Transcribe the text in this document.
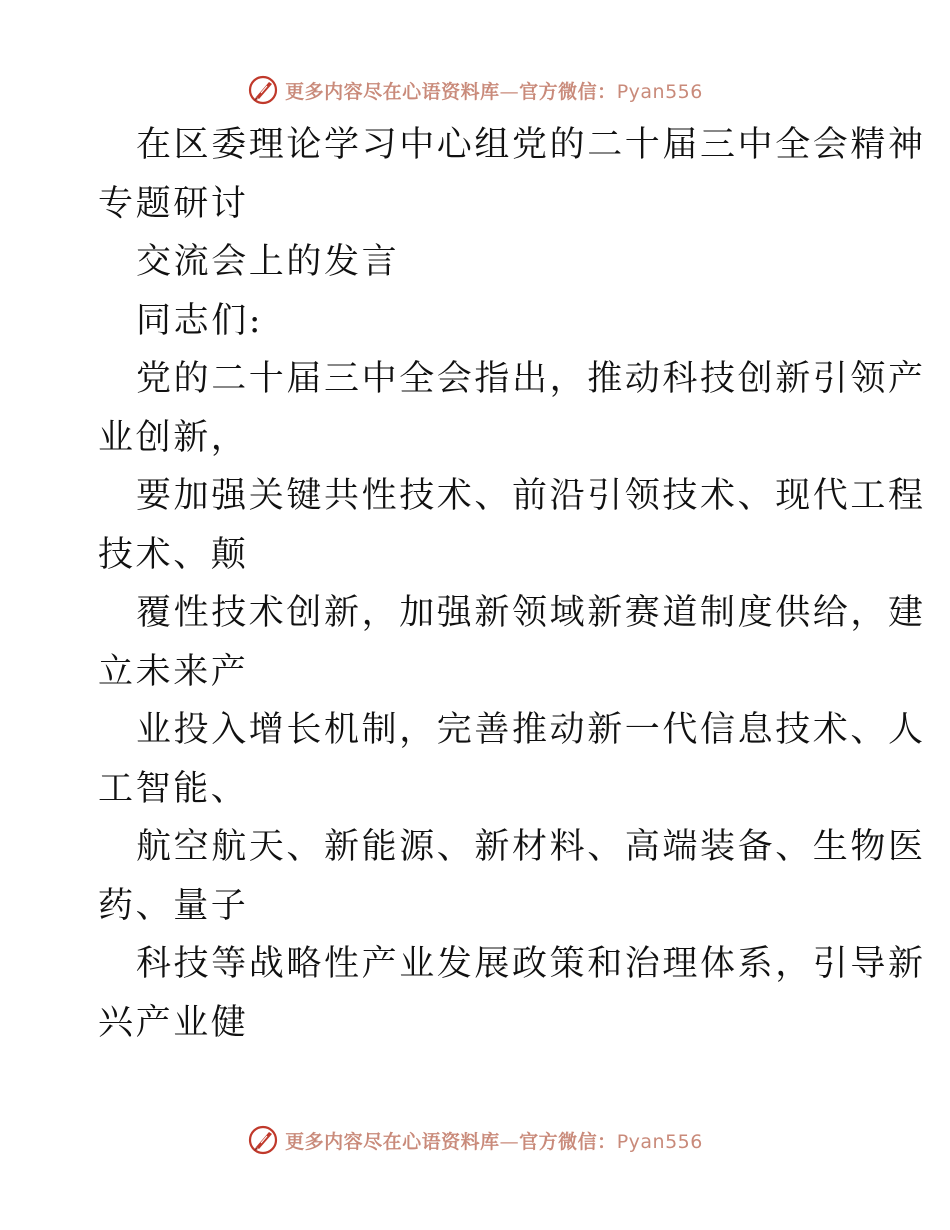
更多内容尽在心语资料库—官方微信：Pyan556

在区委理论学习中心组党的二十届三中全会精神

专题研讨

交流会上的发言

同志们:

党的二十届三中全会指出，推动科技创新引领产

业创新，

要加强关键共性技术、前沿引领技术、现代工程

技术、颠

覆性技术创新，加强新领域新赛道制度供给，建

立未来产

业投入增长机制，完善推动新一代信息技术、人

工智能、

航空航天、新能源、新材料、高端装备、生物医

药、量子

科技等战略性产业发展政策和治理体系，引导新

兴产业健

更多内容尽在心语资料库—官方微信：Pyan556
